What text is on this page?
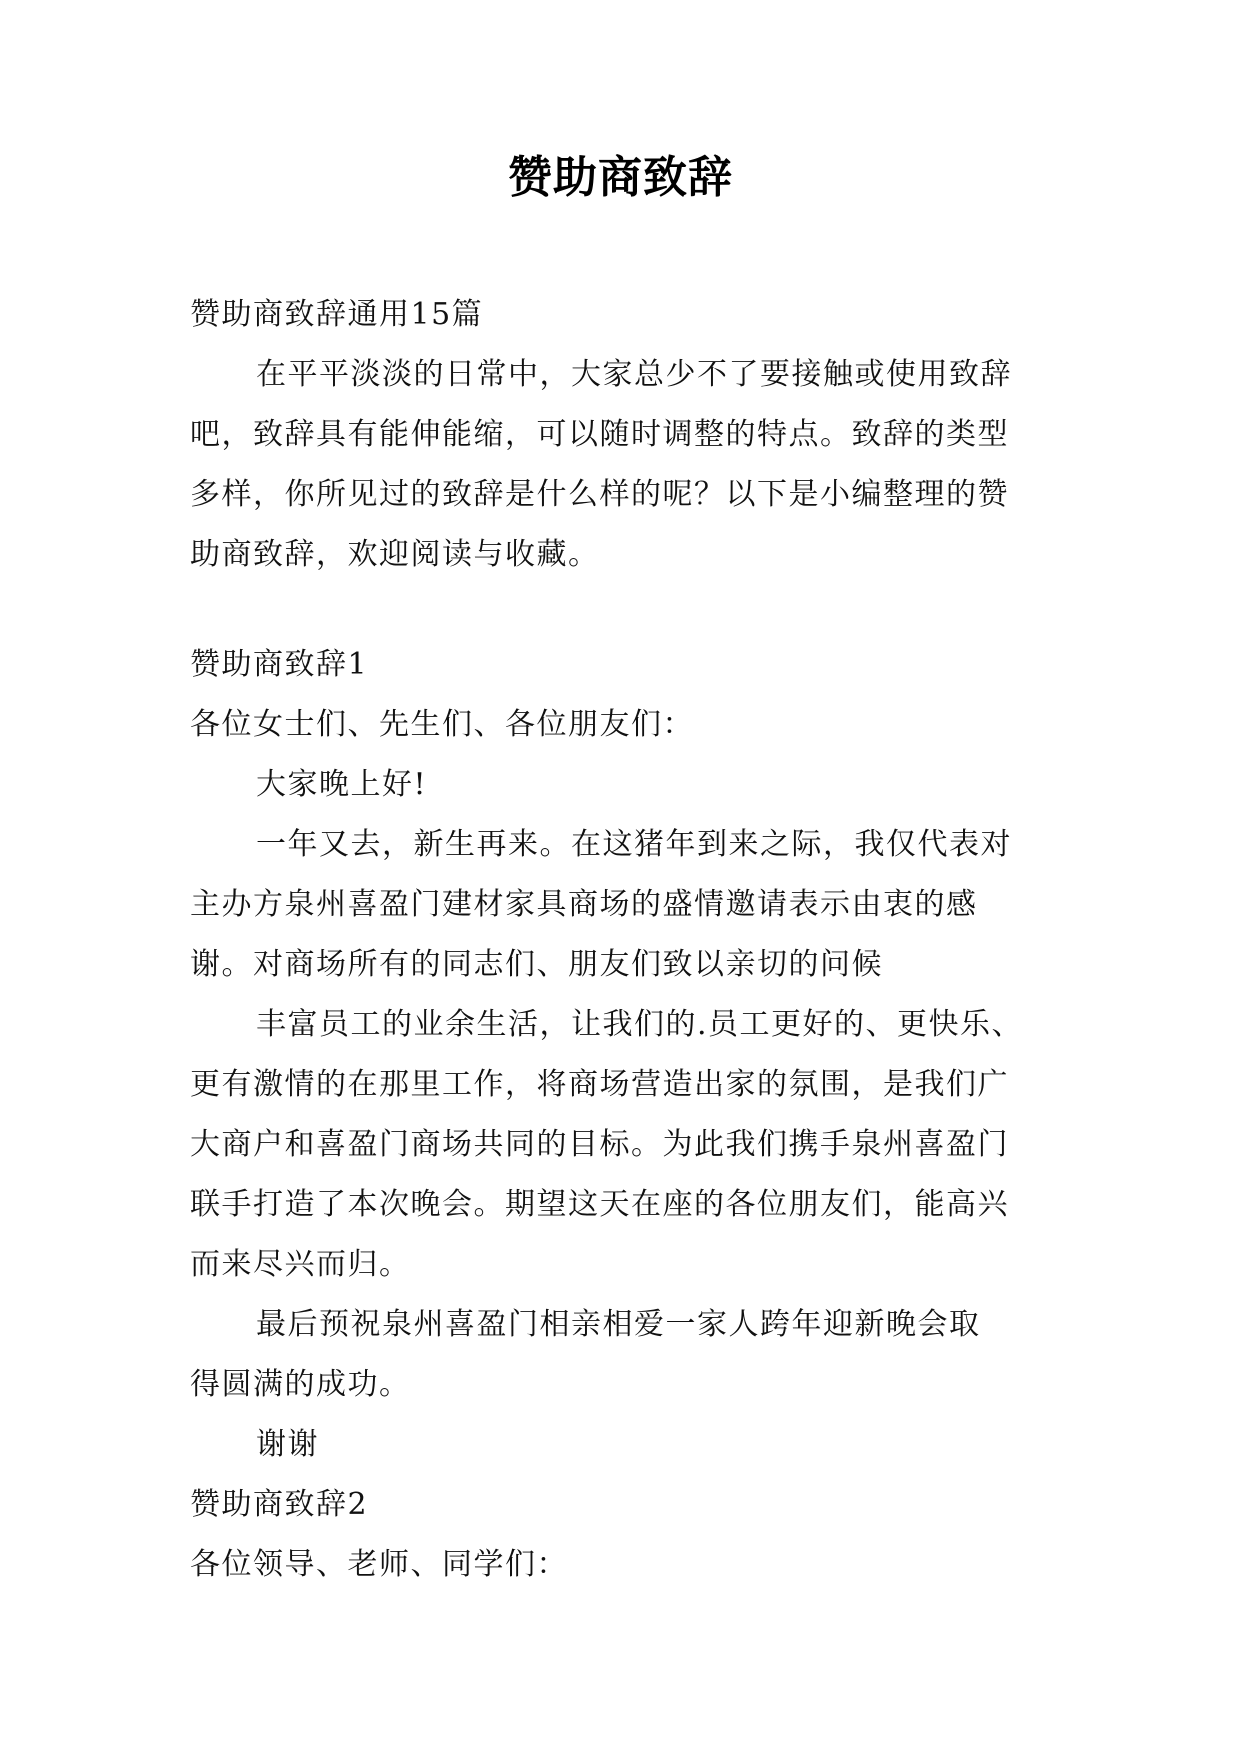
赞助商致辞
赞助商致辞通用15篇
在平平淡淡的日常中，大家总少不了要接触或使用致辞
吧，致辞具有能伸能缩，可以随时调整的特点。致辞的类型
多样，你所见过的致辞是什么样的呢？以下是小编整理的赞
助商致辞，欢迎阅读与收藏。
赞助商致辞1
各位女士们、先生们、各位朋友们：
大家晚上好!
一年又去，新生再来。在这猪年到来之际，我仅代表对
主办方泉州喜盈门建材家具商场的盛情邀请表示由衷的感
谢。对商场所有的同志们、朋友们致以亲切的问候
丰富员工的业余生活，让我们的.员工更好的、更快乐、
更有激情的在那里工作，将商场营造出家的氛围，是我们广
大商户和喜盈门商场共同的目标。为此我们携手泉州喜盈门
联手打造了本次晚会。期望这天在座的各位朋友们，能高兴
而来尽兴而归。
最后预祝泉州喜盈门相亲相爱一家人跨年迎新晚会取
得圆满的成功。
谢谢
赞助商致辞2
各位领导、老师、同学们：
